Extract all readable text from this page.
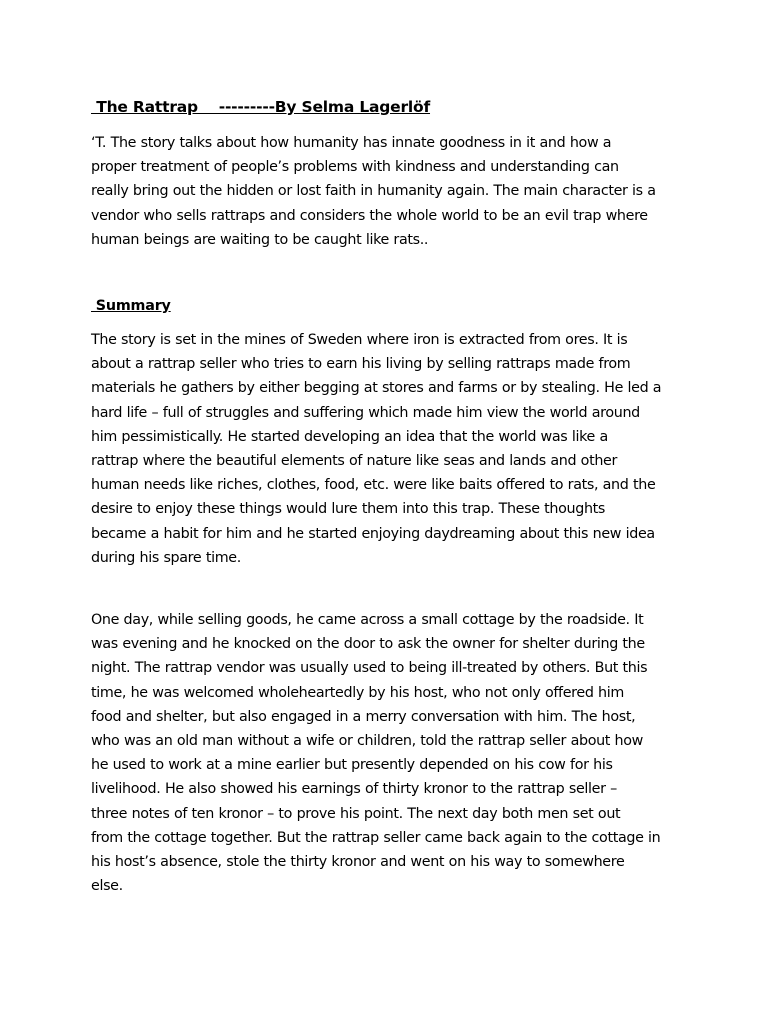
The Rattrap    ---------By Selma Lagerlöf

‘T. The story talks about how humanity has innate goodness in it and how a
proper treatment of people’s problems with kindness and understanding can
really bring out the hidden or lost faith in humanity again. The main character is a
vendor who sells rattraps and considers the whole world to be an evil trap where
human beings are waiting to be caught like rats..

Summary

The story is set in the mines of Sweden where iron is extracted from ores. It is
about a rattrap seller who tries to earn his living by selling rattraps made from
materials he gathers by either begging at stores and farms or by stealing. He led a
hard life – full of struggles and suffering which made him view the world around
him pessimistically. He started developing an idea that the world was like a
rattrap where the beautiful elements of nature like seas and lands and other
human needs like riches, clothes, food, etc. were like baits offered to rats, and the
desire to enjoy these things would lure them into this trap. These thoughts
became a habit for him and he started enjoying daydreaming about this new idea
during his spare time.

One day, while selling goods, he came across a small cottage by the roadside. It
was evening and he knocked on the door to ask the owner for shelter during the
night. The rattrap vendor was usually used to being ill-treated by others. But this
time, he was welcomed wholeheartedly by his host, who not only offered him
food and shelter, but also engaged in a merry conversation with him. The host,
who was an old man without a wife or children, told the rattrap seller about how
he used to work at a mine earlier but presently depended on his cow for his
livelihood. He also showed his earnings of thirty kronor to the rattrap seller –
three notes of ten kronor – to prove his point. The next day both men set out
from the cottage together. But the rattrap seller came back again to the cottage in
his host’s absence, stole the thirty kronor and went on his way to somewhere
else.
